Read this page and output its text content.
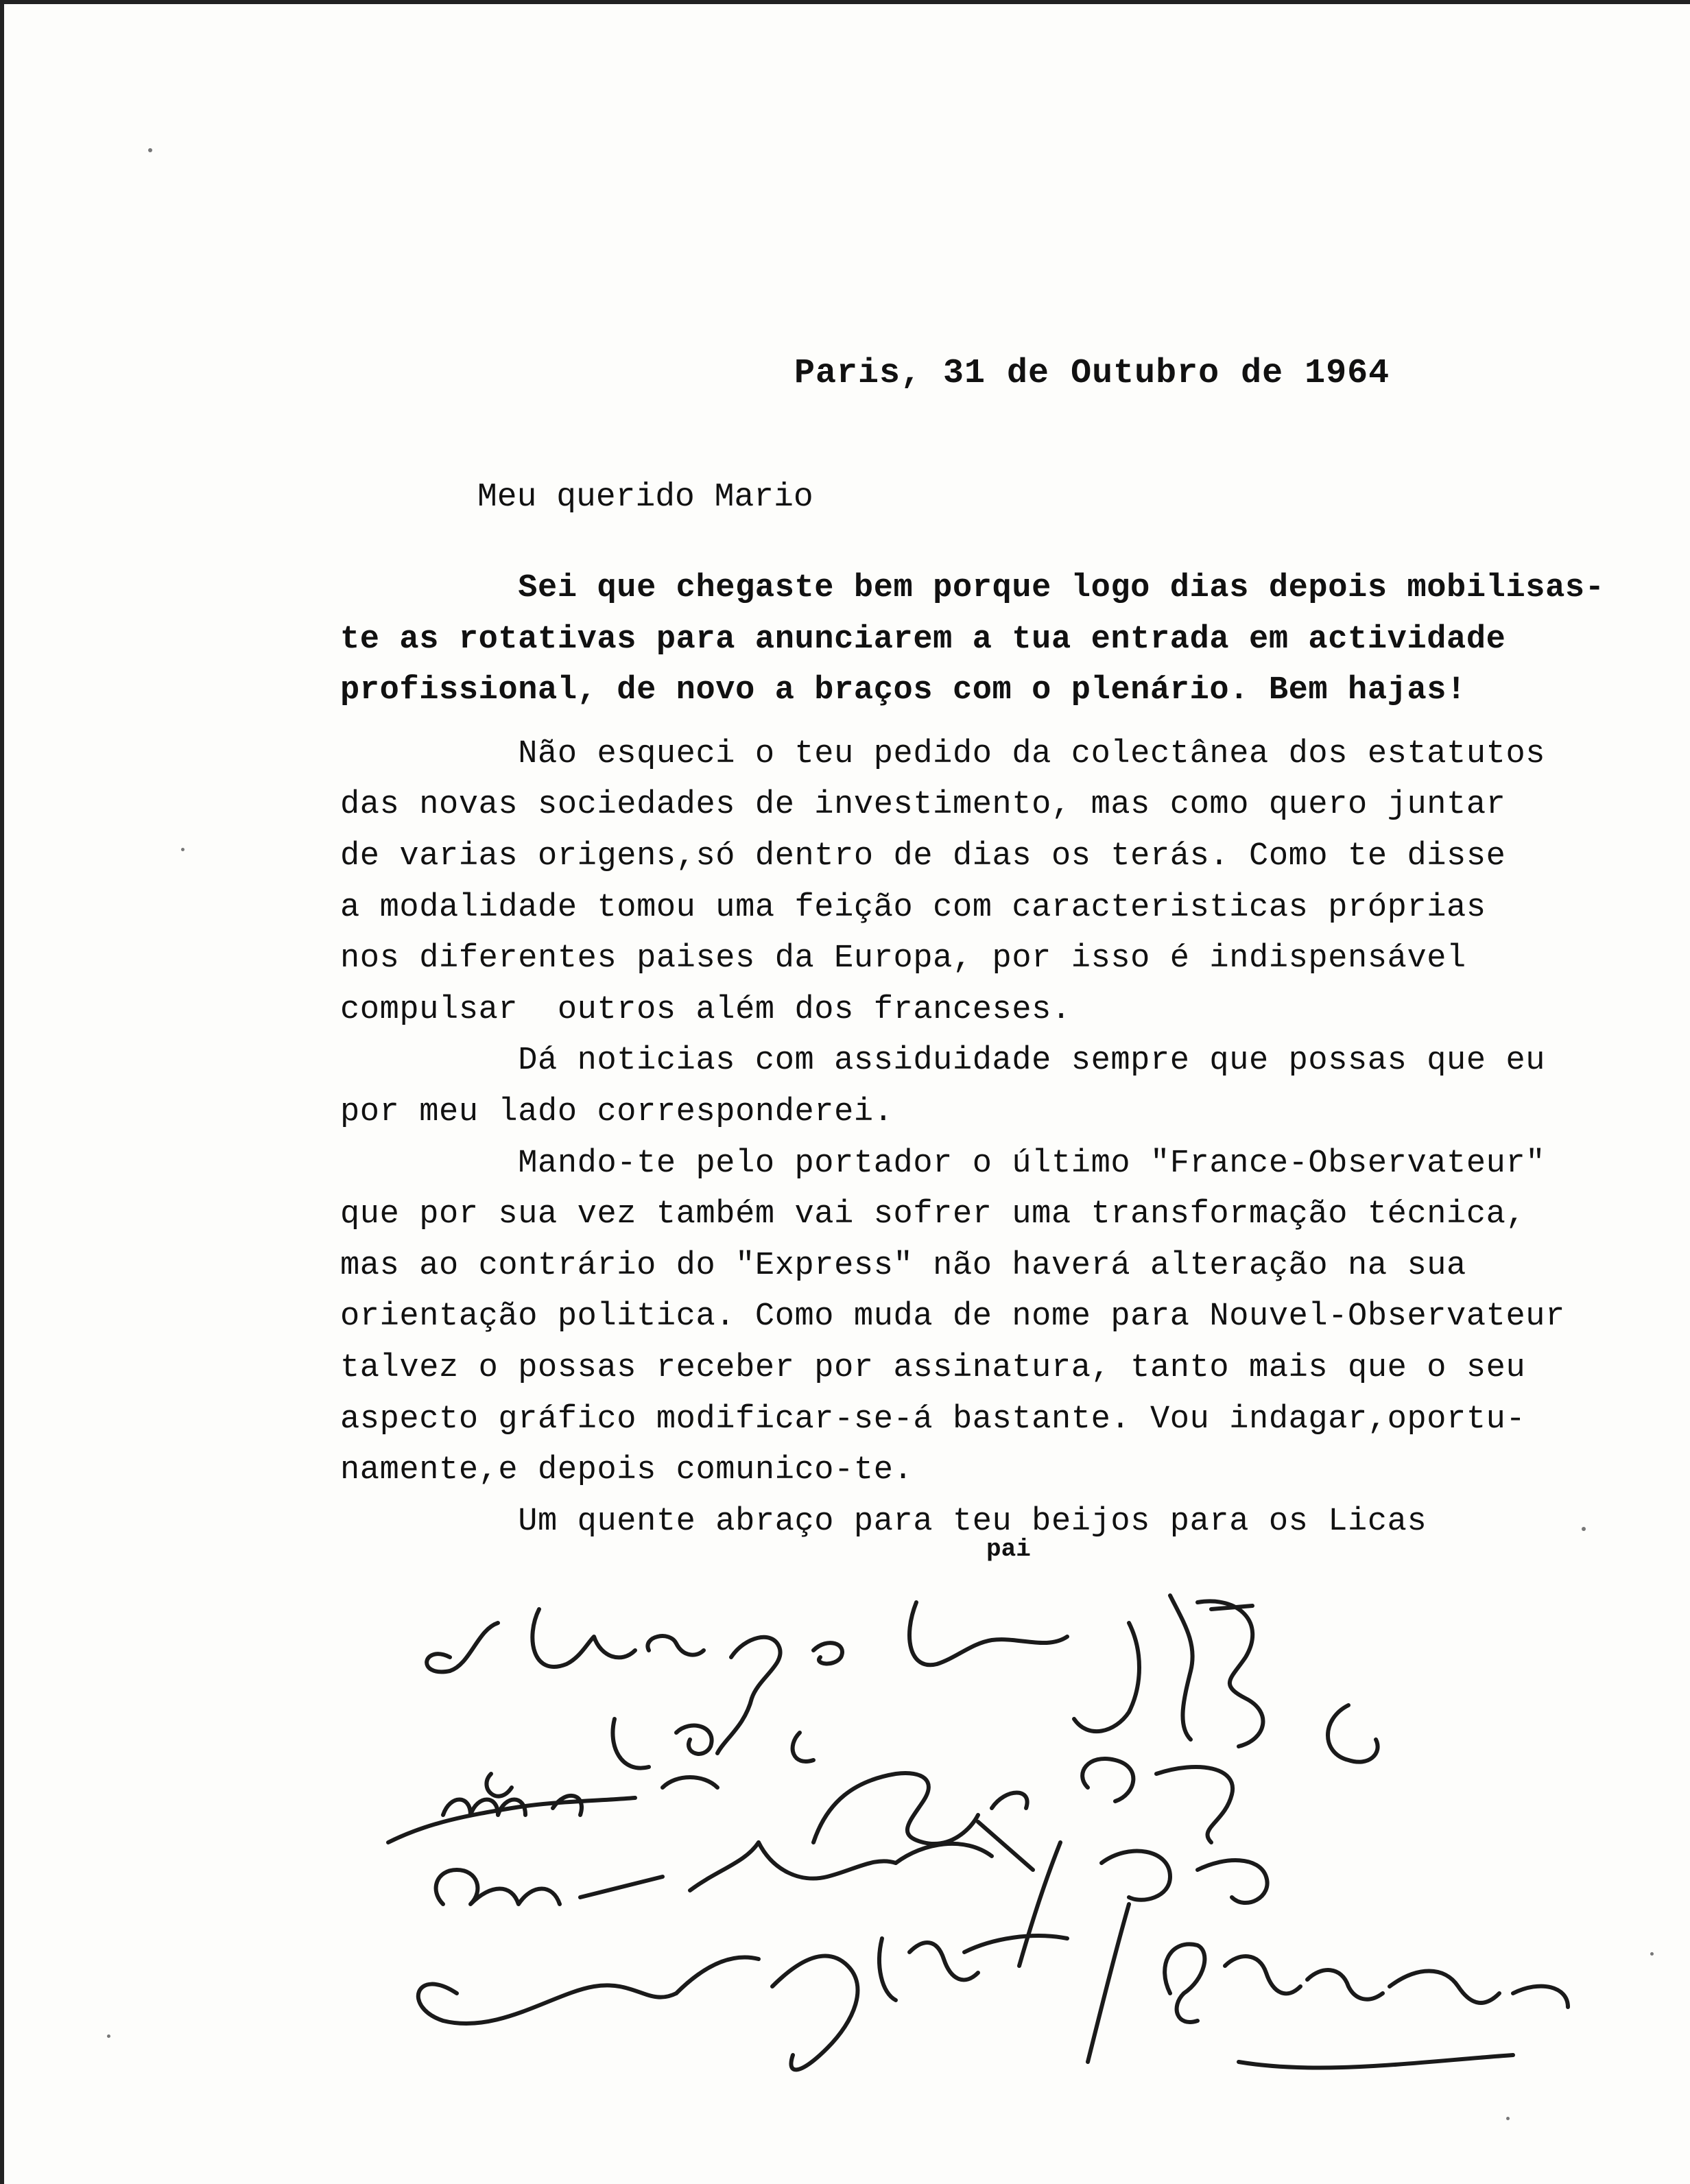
Paris, 31 de Outubro de 1964
Meu querido Mario
Sei que chegaste bem porque logo dias depois mobilisas-
te as rotativas para anunciarem a tua entrada em actividade
profissional, de novo a braços com o plenário. Bem hajas!
Não esqueci o teu pedido da colectânea dos estatutos
das novas sociedades de investimento, mas como quero juntar
de varias origens,só dentro de dias os terás. Como te disse
a modalidade tomou uma feição com caracteristicas próprias
nos diferentes paises da Europa, por isso é indispensável
compulsar  outros além dos franceses.
Dá noticias com assiduidade sempre que possas que eu
por meu lado corresponderei.
Mando-te pelo portador o último "France-Observateur"
que por sua vez também vai sofrer uma transformação técnica,
mas ao contrário do "Express" não haverá alteração na sua
orientação politica. Como muda de nome para Nouvel-Observateur
talvez o possas receber por assinatura, tanto mais que o seu
aspecto gráfico modificar-se-á bastante. Vou indagar,oportu-
namente,e depois comunico-te.
Um quente abraço para teu beijos para os Licas
pai
